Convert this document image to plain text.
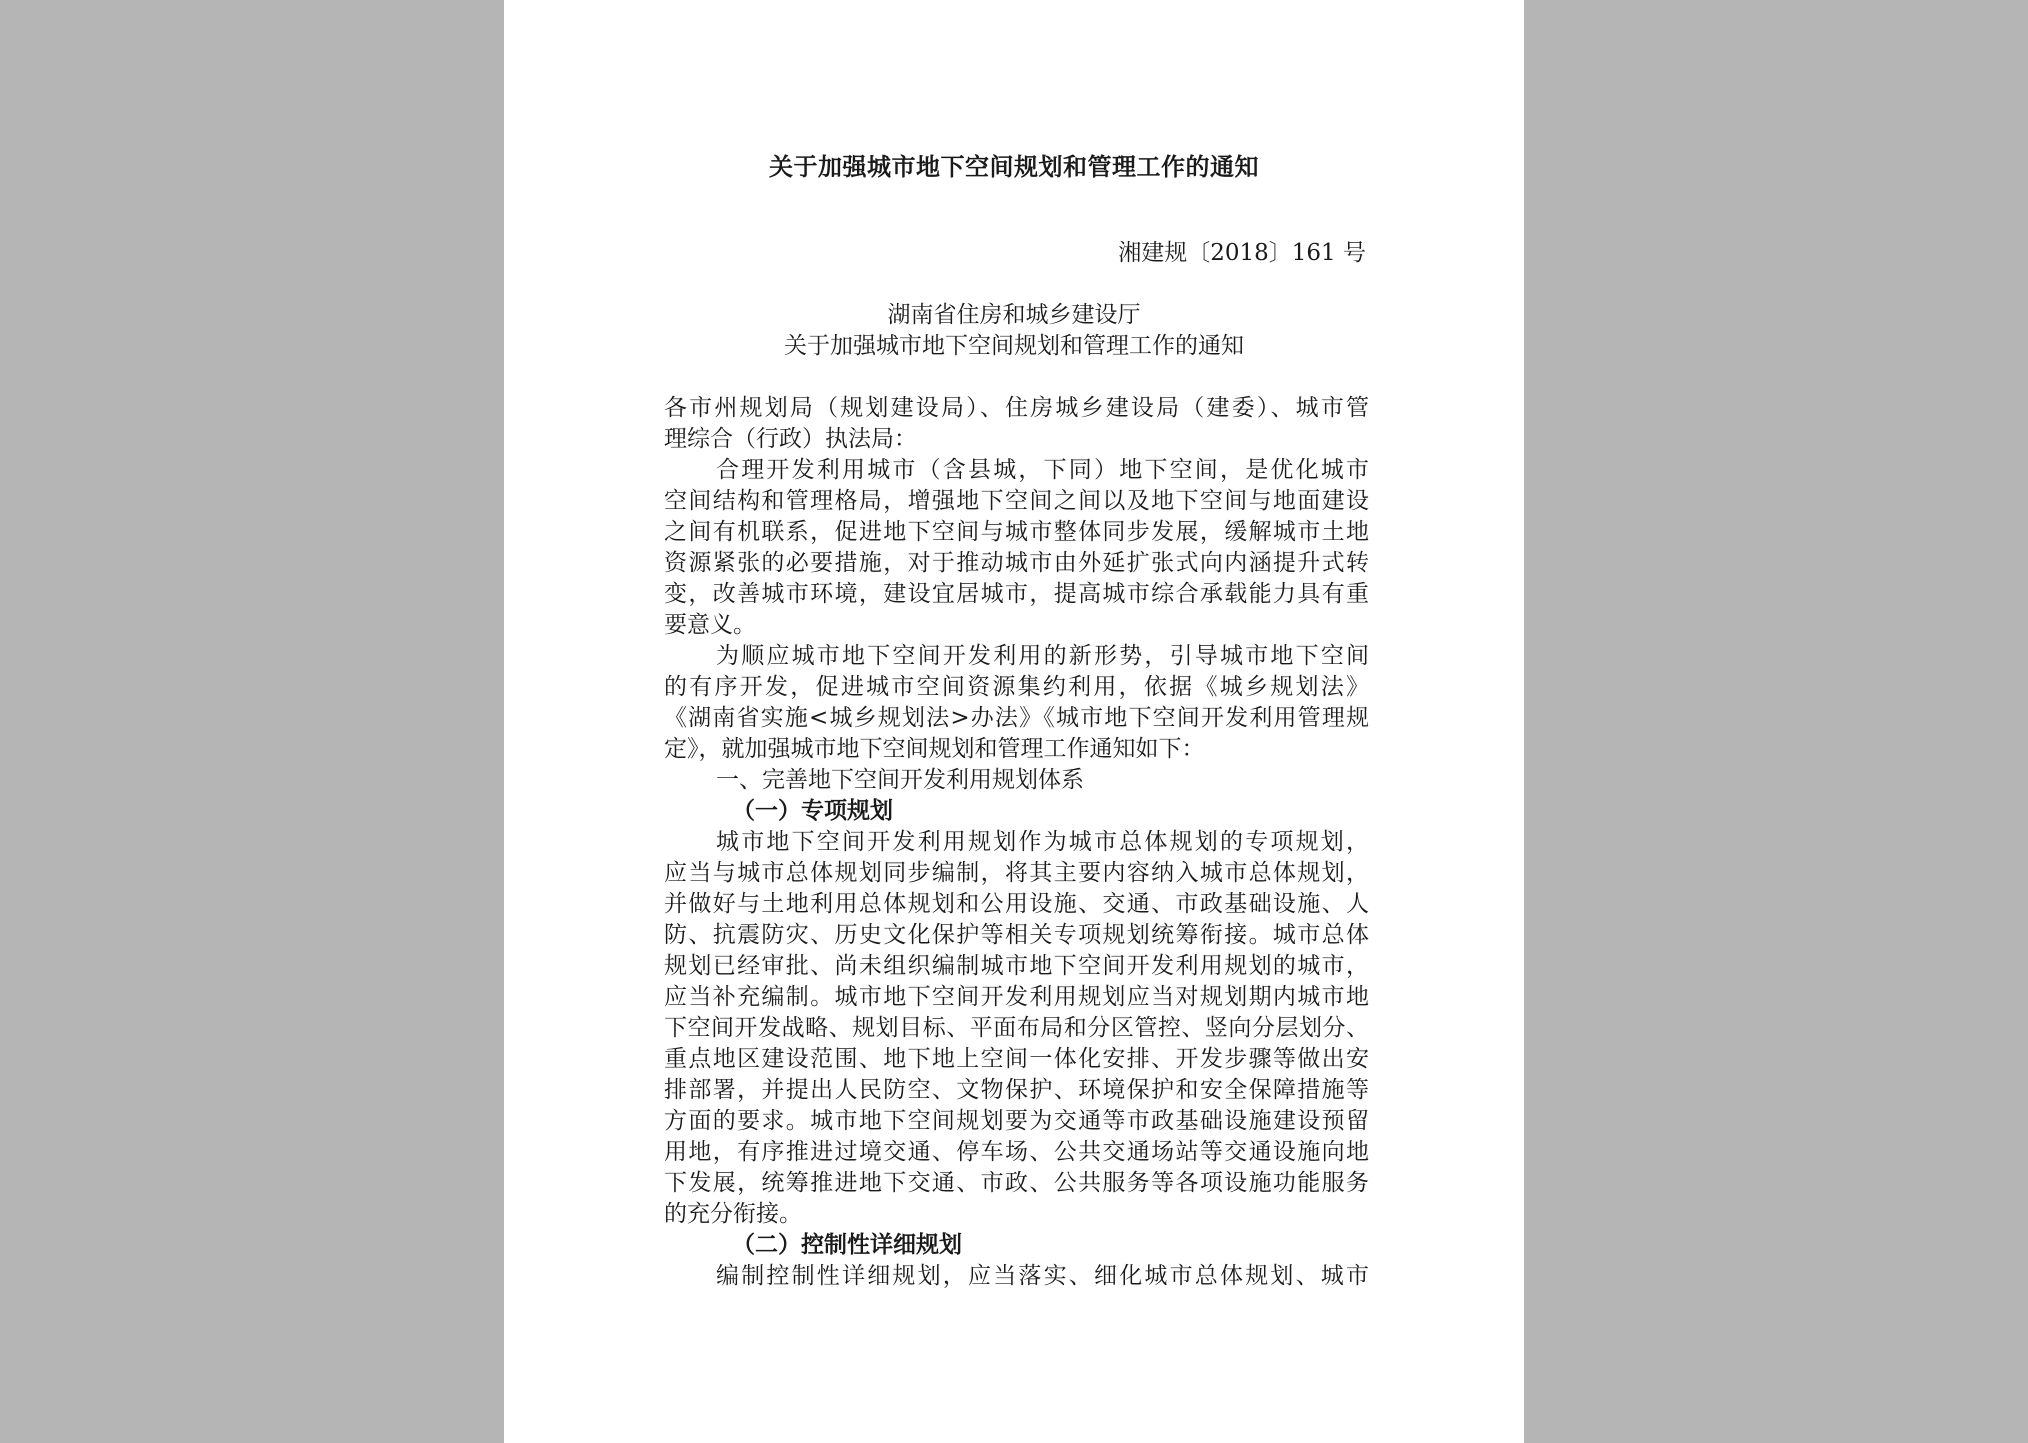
关于加强城市地下空间规划和管理工作的通知
湘建规〔2018〕161 号
湖南省住房和城乡建设厅
关于加强城市地下空间规划和管理工作的通知
各市州规划局（规划建设局）、住房城乡建设局（建委）、城市管
理综合（行政）执法局：
合理开发利用城市（含县城，下同）地下空间，是优化城市
空间结构和管理格局，增强地下空间之间以及地下空间与地面建设
之间有机联系，促进地下空间与城市整体同步发展，缓解城市土地
资源紧张的必要措施，对于推动城市由外延扩张式向内涵提升式转
变，改善城市环境，建设宜居城市，提高城市综合承载能力具有重
要意义。
为顺应城市地下空间开发利用的新形势，引导城市地下空间
的有序开发，促进城市空间资源集约利用，依据《城乡规划法》
《湖南省实施<城乡规划法>办法》《城市地下空间开发利用管理规
定》，就加强城市地下空间规划和管理工作通知如下：
一、完善地下空间开发利用规划体系
（一）专项规划
城市地下空间开发利用规划作为城市总体规划的专项规划，
应当与城市总体规划同步编制，将其主要内容纳入城市总体规划，
并做好与土地利用总体规划和公用设施、交通、市政基础设施、人
防、抗震防灾、历史文化保护等相关专项规划统筹衔接。城市总体
规划已经审批、尚未组织编制城市地下空间开发利用规划的城市，
应当补充编制。城市地下空间开发利用规划应当对规划期内城市地
下空间开发战略、规划目标、平面布局和分区管控、竖向分层划分、
重点地区建设范围、地下地上空间一体化安排、开发步骤等做出安
排部署，并提出人民防空、文物保护、环境保护和安全保障措施等
方面的要求。城市地下空间规划要为交通等市政基础设施建设预留
用地，有序推进过境交通、停车场、公共交通场站等交通设施向地
下发展，统筹推进地下交通、市政、公共服务等各项设施功能服务
的充分衔接。
（二）控制性详细规划
编制控制性详细规划，应当落实、细化城市总体规划、城市
